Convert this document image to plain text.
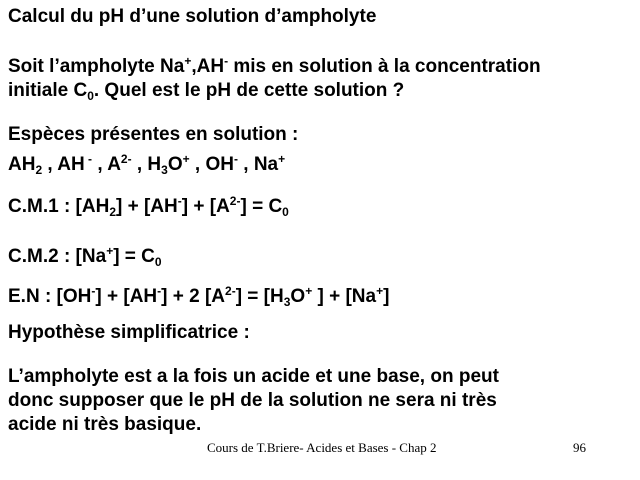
Calcul du pH d’une solution d’ampholyte
Soit l’ampholyte Na+,AH- mis en solution à la concentration
initiale $C_0$. Quel est le pH de cette solution ?
Espèces présentes en solution :
$AH_2$ , AH - , $A^{2-}$ , $H_3O^+$ , OH- , Na+
C.M.1 : $[AH_2] + [AH^-] + [A^{2-}] = C_0$
C.M.2 : $[Na^+] = C_0$
E.N : [OH-] + [AH-] + 2 $[A^{2-}] = [H_3O^+$ ] + [Na+]
Hypothèse simplificatrice :
L’ampholyte est a la fois un acide et une base, on peut
donc supposer que le pH de la solution ne sera ni très
acide ni très basique.
Cours de T.Briere- Acides et Bases - Chap 2	96
